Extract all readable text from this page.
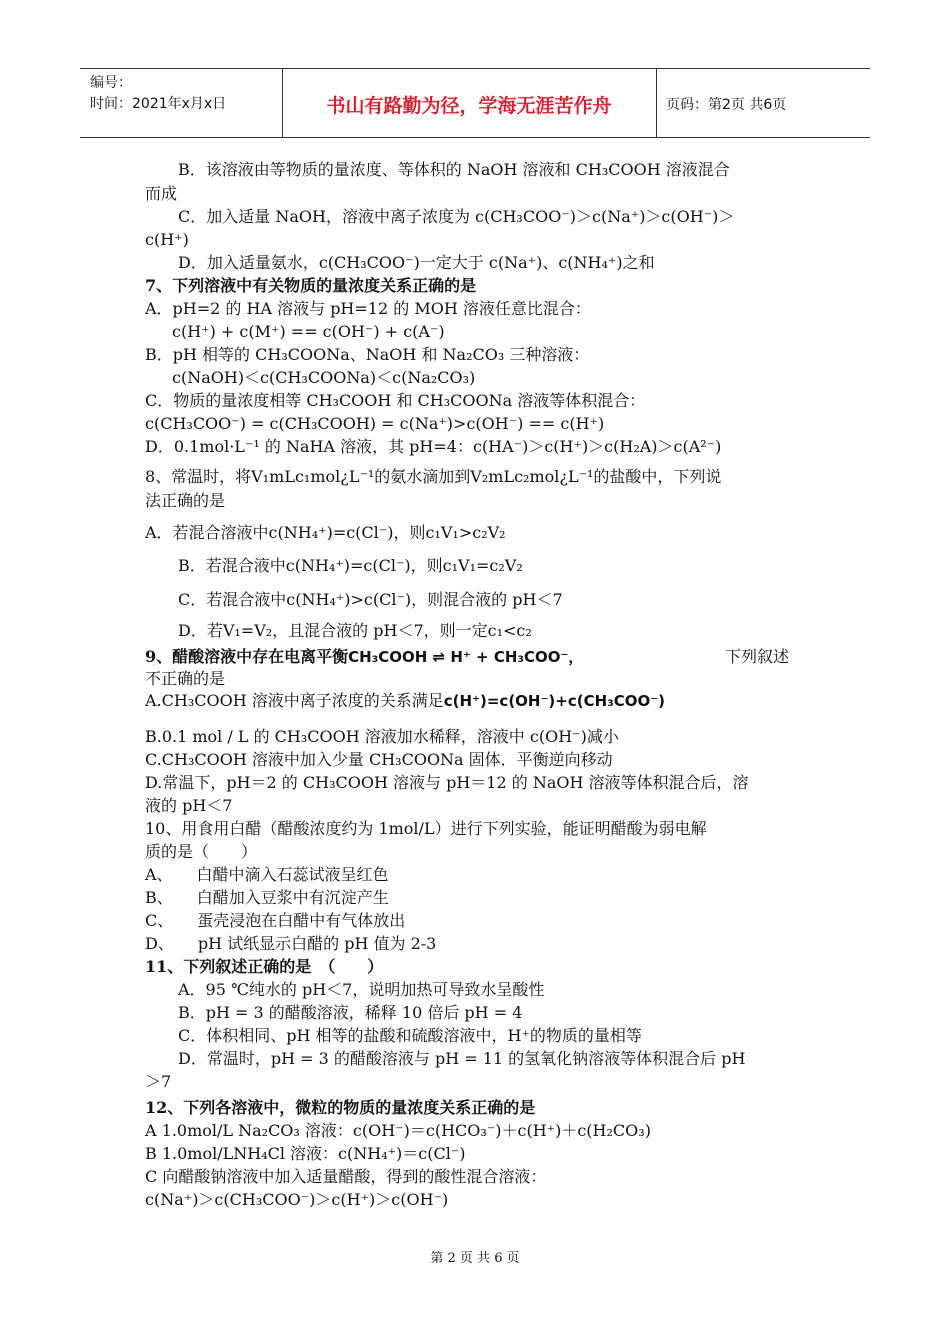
编号：
时间：2021年x月x日	书山有路勤为径，学海无涯苦作舟	页码：第2页 共6页
B．该溶液由等物质的量浓度、等体积的 NaOH 溶液和 CH₃COOH 溶液混合
而成
C．加入适量 NaOH，溶液中离子浓度为 c(CH₃COO⁻)＞c(Na⁺)＞c(OH⁻)＞
c(H⁺)
D．加入适量氨水，c(CH₃COO⁻)一定大于 c(Na⁺)、c(NH₄⁺)之和
7、下列溶液中有关物质的量浓度关系正确的是
A．pH=2 的 HA 溶液与 pH=12 的 MOH 溶液任意比混合：
c(H⁺) + c(M⁺) == c(OH⁻) + c(A⁻)
B．pH 相等的 CH₃COONa、NaOH 和 Na₂CO₃ 三种溶液：
c(NaOH)＜c(CH₃COONa)＜c(Na₂CO₃)
C．物质的量浓度相等 CH₃COOH 和 CH₃COONa 溶液等体积混合：
c(CH₃COO⁻) = c(CH₃COOH) = c(Na⁺)>c(OH⁻) == c(H⁺)
D．0.1mol·L⁻¹ 的 NaHA 溶液，其 pH=4：c(HA⁻)＞c(H⁺)＞c(H₂A)＞c(A²⁻)
8、常温时，将V₁mLc₁mol¿L⁻¹的氨水滴加到V₂mLc₂mol¿L⁻¹的盐酸中，下列说
法正确的是
A．若混合溶液中c(NH₄⁺)=c(Cl⁻)，则c₁V₁>c₂V₂
B．若混合液中c(NH₄⁺)=c(Cl⁻)，则c₁V₁=c₂V₂
C．若混合液中c(NH₄⁺)>c(Cl⁻)，则混合液的 pH＜7
D．若V₁=V₂，且混合液的 pH＜7，则一定c₁<c₂
9、醋酸溶液中存在电离平衡CH₃COOH ⇌ H⁺ + CH₃COO⁻，	下列叙述
不正确的是
A.CH₃COOH 溶液中离子浓度的关系满足c(H⁺)=c(OH⁻)+c(CH₃COO⁻)
B.0.1 mol / L 的 CH₃COOH 溶液加水稀释，溶液中 c(OH⁻)减小
C.CH₃COOH 溶液中加入少量 CH₃COONa 固体．平衡逆向移动
D.常温下，pH＝2 的 CH₃COOH 溶液与 pH＝12 的 NaOH 溶液等体积混合后，溶
液的 pH＜7
10、用食用白醋（醋酸浓度约为 1mol/L）进行下列实验，能证明醋酸为弱电解
质的是（　　）
A、　　白醋中滴入石蕊试液呈红色
B、　　白醋加入豆浆中有沉淀产生
C、　　蛋壳浸泡在白醋中有气体放出
D、　　pH 试纸显示白醋的 pH 值为 2-3
11、下列叙述正确的是　（　　）
A．95 ℃纯水的 pH＜7，说明加热可导致水呈酸性
B．pH = 3 的醋酸溶液，稀释 10 倍后 pH = 4
C．体积相同、pH 相等的盐酸和硫酸溶液中，H⁺的物质的量相等
D．常温时，pH = 3 的醋酸溶液与 pH = 11 的氢氧化钠溶液等体积混合后 pH
＞7
12、下列各溶液中，微粒的物质的量浓度关系正确的是
A 1.0mol/L Na₂CO₃ 溶液：c(OH⁻)＝c(HCO₃⁻)＋c(H⁺)＋c(H₂CO₃)
B 1.0mol/LNH₄Cl 溶液：c(NH₄⁺)＝c(Cl⁻)
C 向醋酸钠溶液中加入适量醋酸，得到的酸性混合溶液：
c(Na⁺)＞c(CH₃COO⁻)＞c(H⁺)＞c(OH⁻)
第 2 页 共 6 页
